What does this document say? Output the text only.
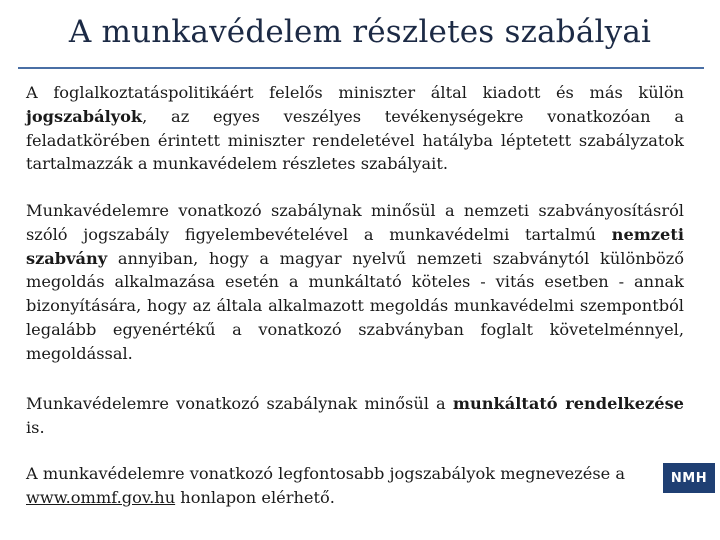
A munkavédelem részletes szabályai

A foglalkoztatáspolitikáért felelős miniszter által kiadott és más külön jogszabályok, az egyes veszélyes tevékenységekre vonatkozóan a feladatkörében érintett miniszter rendeletével hatályba léptetett szabályzatok tartalmazzák a munkavédelem részletes szabályait.

Munkavédelemre vonatkozó szabálynak minősül a nemzeti szabványosításról szóló jogszabály figyelembevételével a munkavédelmi tartalmú nemzeti szabvány annyiban, hogy a magyar nyelvű nemzeti szabványtól különböző megoldás alkalmazása esetén a munkáltató köteles - vitás esetben - annak bizonyítására, hogy az általa alkalmazott megoldás munkavédelmi szempontból legalább egyenértékű a vonatkozó szabványban foglalt követelménnyel, megoldással.

Munkavédelemre vonatkozó szabálynak minősül a munkáltató rendelkezése is.

A munkavédelemre vonatkozó legfontosabb jogszabályok megnevezése a www.ommf.gov.hu honlapon elérhető.

NMH
